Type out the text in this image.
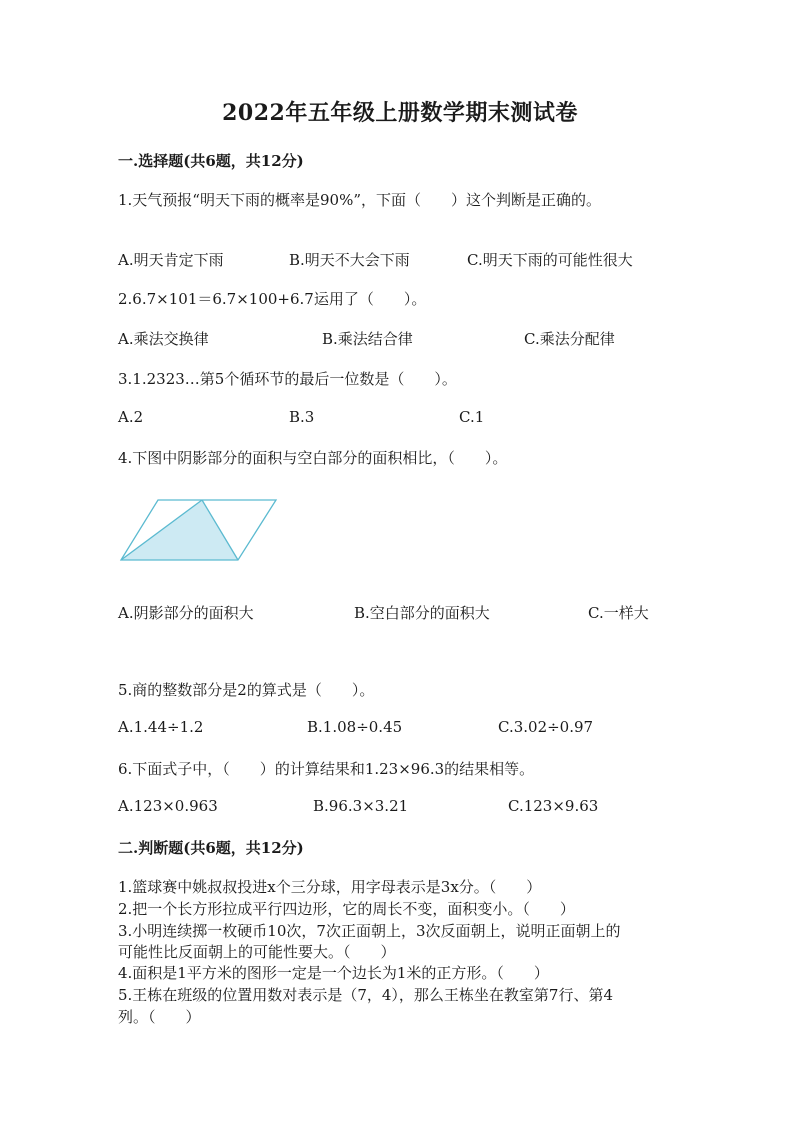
2022年五年级上册数学期末测试卷
一.选择题(共6题，共12分)
1.天气预报“明天下雨的概率是90%”，下面（　　）这个判断是正确的。
A.明天肯定下雨	B.明天不大会下雨	C.明天下雨的可能性很大
2.6.7×101＝6.7×100+6.7运用了（　　）。
A.乘法交换律	B.乘法结合律	C.乘法分配律
3.1.2323…第5个循环节的最后一位数是（　　）。
A.2	B.3	C.1
4.下图中阴影部分的面积与空白部分的面积相比，（　　）。
A.阴影部分的面积大	B.空白部分的面积大	C.一样大
5.商的整数部分是2的算式是（　　）。
A.1.44÷1.2	B.1.08÷0.45	C.3.02÷0.97
6.下面式子中，（　　）的计算结果和1.23×96.3的结果相等。
A.123×0.963	B.96.3×3.21	C.123×9.63
二.判断题(共6题，共12分)
1.篮球赛中姚叔叔投进x个三分球，用字母表示是3x分。（　　）
2.把一个长方形拉成平行四边形，它的周长不变，面积变小。（　　）
3.小明连续掷一枚硬币10次，7次正面朝上，3次反面朝上，说明正面朝上的
可能性比反面朝上的可能性要大。（　　）
4.面积是1平方米的图形一定是一个边长为1米的正方形。（　　）
5.王栋在班级的位置用数对表示是（7，4），那么王栋坐在教室第7行、第4
列。（　　）
